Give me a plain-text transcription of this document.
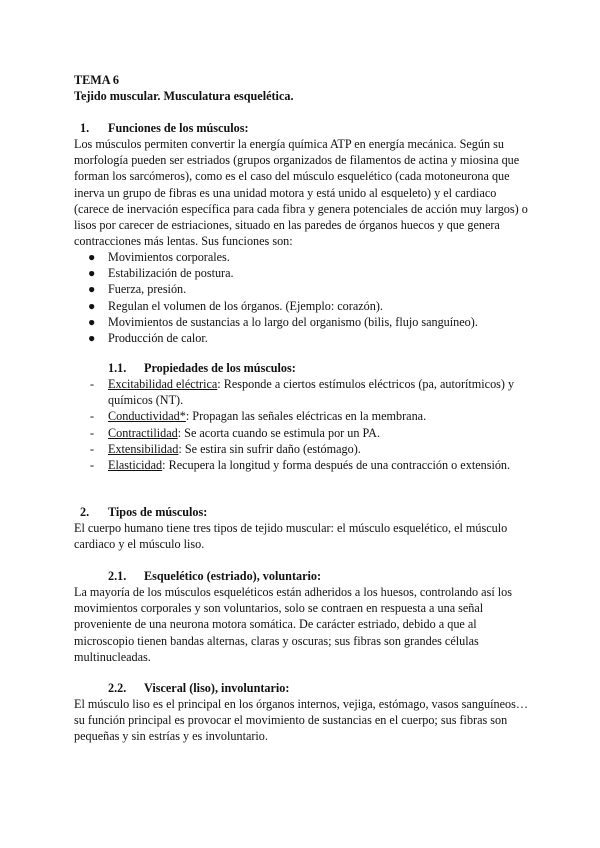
TEMA 6
Tejido muscular. Musculatura esquelética.
1. Funciones de los músculos:
Los músculos permiten convertir la energía química ATP en energía mecánica. Según su
morfología pueden ser estriados (grupos organizados de filamentos de actina y miosina que
forman los sarcómeros), como es el caso del músculo esquelético (cada motoneurona que
inerva un grupo de fibras es una unidad motora y está unido al esqueleto) y el cardiaco
(carece de inervación específica para cada fibra y genera potenciales de acción muy largos) o
lisos por carecer de estriaciones, situado en las paredes de órganos huecos y que genera
contracciones más lentas. Sus funciones son:
● Movimientos corporales.
● Estabilización de postura.
● Fuerza, presión.
● Regulan el volumen de los órganos. (Ejemplo: corazón).
● Movimientos de sustancias a lo largo del organismo (bilis, flujo sanguíneo).
● Producción de calor.
1.1. Propiedades de los músculos:
- Excitabilidad eléctrica: Responde a ciertos estímulos eléctricos (pa, autorítmicos) y
químicos (NT).
- Conductividad*: Propagan las señales eléctricas en la membrana.
- Contractilidad: Se acorta cuando se estimula por un PA.
- Extensibilidad: Se estira sin sufrir daño (estómago).
- Elasticidad: Recupera la longitud y forma después de una contracción o extensión.
2. Tipos de músculos:
El cuerpo humano tiene tres tipos de tejido muscular: el músculo esquelético, el músculo
cardiaco y el músculo liso.
2.1. Esquelético (estriado), voluntario:
La mayoría de los músculos esqueléticos están adheridos a los huesos, controlando así los
movimientos corporales y son voluntarios, solo se contraen en respuesta a una señal
proveniente de una neurona motora somática. De carácter estriado, debido a que al
microscopio tienen bandas alternas, claras y oscuras; sus fibras son grandes células
multinucleadas.
2.2. Visceral (liso), involuntario:
El músculo liso es el principal en los órganos internos, vejiga, estómago, vasos sanguíneos…
su función principal es provocar el movimiento de sustancias en el cuerpo; sus fibras son
pequeñas y sin estrías y es involuntario.
